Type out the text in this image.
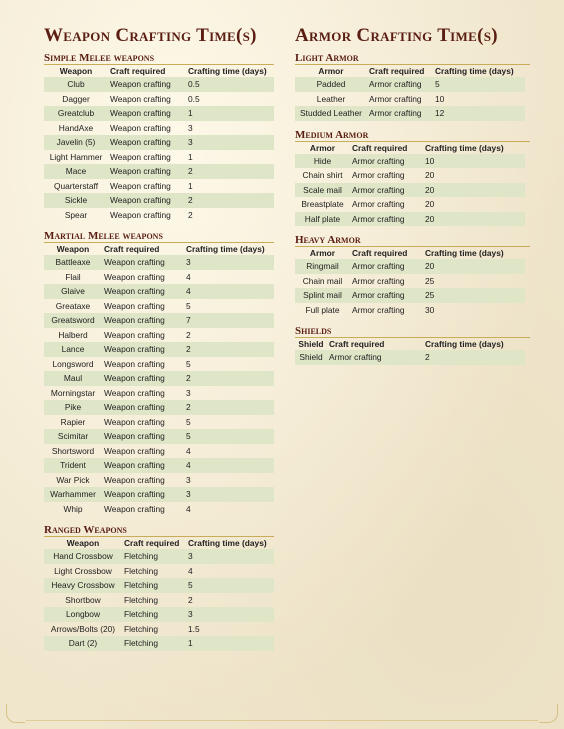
Weapon Crafting Time(s)
Simple Melee weapons
Weapon	Craft required	Crafting time (days)
Club	Weapon crafting	0.5
Dagger	Weapon crafting	0.5
Greatclub	Weapon crafting	1
HandAxe	Weapon crafting	3
Javelin (5)	Weapon crafting	3
Light Hammer	Weapon crafting	1
Mace	Weapon crafting	2
Quarterstaff	Weapon crafting	1
Sickle	Weapon crafting	2
Spear	Weapon crafting	2
Martial Melee weapons
Weapon	Craft required	Crafting time (days)
Battleaxe	Weapon crafting	3
Flail	Weapon crafting	4
Glaive	Weapon crafting	4
Greataxe	Weapon crafting	5
Greatsword	Weapon crafting	7
Halberd	Weapon crafting	2
Lance	Weapon crafting	2
Longsword	Weapon crafting	5
Maul	Weapon crafting	2
Morningstar	Weapon crafting	3
Pike	Weapon crafting	2
Rapier	Weapon crafting	5
Scimitar	Weapon crafting	5
Shortsword	Weapon crafting	4
Trident	Weapon crafting	4
War Pick	Weapon crafting	3
Warhammer	Weapon crafting	3
Whip	Weapon crafting	4
Ranged Weapons
Weapon	Craft required	Crafting time (days)
Hand Crossbow	Fletching	3
Light Crossbow	Fletching	4
Heavy Crossbow	Fletching	5
Shortbow	Fletching	2
Longbow	Fletching	3
Arrows/Bolts (20)	Fletching	1.5
Dart (2)	Fletching	1
Armor Crafting Time(s)
Light Armor
Armor	Craft required	Crafting time (days)
Padded	Armor crafting	5
Leather	Armor crafting	10
Studded Leather	Armor crafting	12
Medium Armor
Armor	Craft required	Crafting time (days)
Hide	Armor crafting	10
Chain shirt	Armor crafting	20
Scale mail	Armor crafting	20
Breastplate	Armor crafting	20
Half plate	Armor crafting	20
Heavy Armor
Armor	Craft required	Crafting time (days)
Ringmail	Armor crafting	20
Chain mail	Armor crafting	25
Splint mail	Armor crafting	25
Full plate	Armor crafting	30
Shields
Shield	Craft required	Crafting time (days)
Shield	Armor crafting	2
